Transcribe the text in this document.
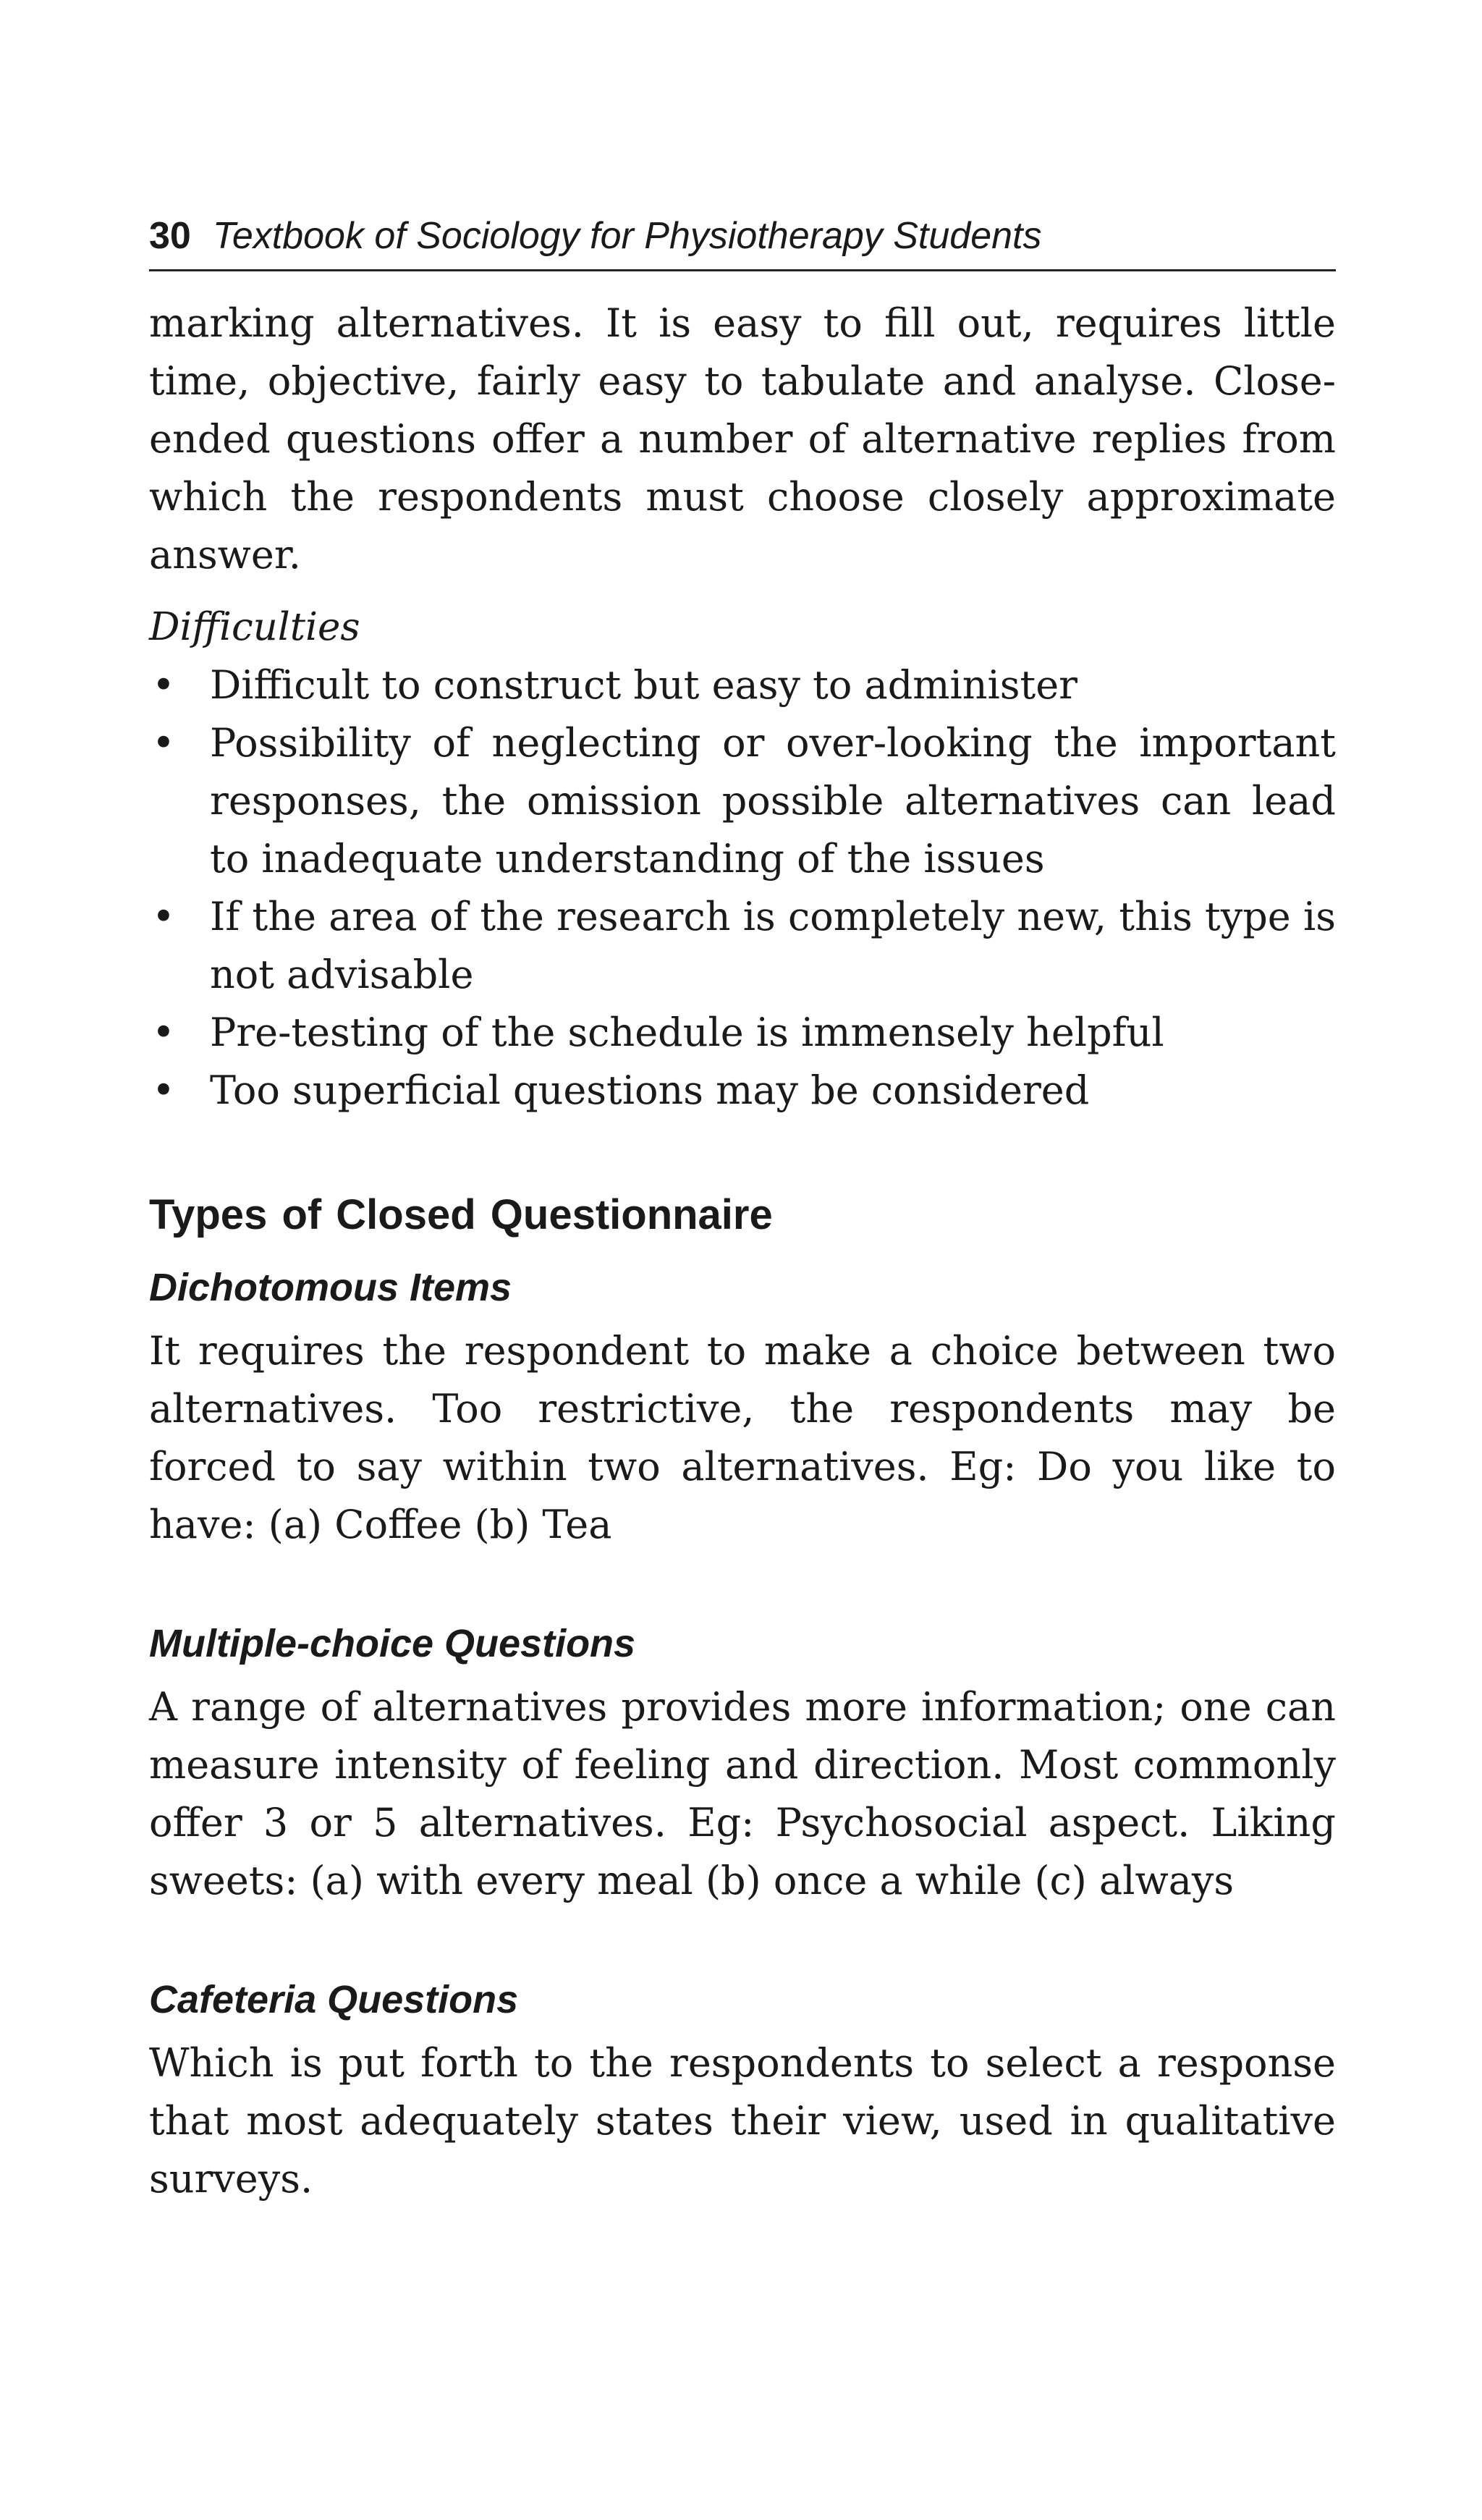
30 Textbook of Sociology for Physiotherapy Students

marking alternatives. It is easy to fill out, requires little time, objective, fairly easy to tabulate and analyse. Close-ended questions offer a number of alternative replies from which the respondents must choose closely approximate answer.

Difficulties

• Difficult to construct but easy to administer
• Possibility of neglecting or over-looking the important responses, the omission possible alternatives can lead to inadequate understanding of the issues
• If the area of the research is completely new, this type is not advisable
• Pre-testing of the schedule is immensely helpful
• Too superficial questions may be considered
Types of Closed Questionnaire
Dichotomous Items

It requires the respondent to make a choice between two alternatives. Too restrictive, the respondents may be forced to say within two alternatives. Eg: Do you like to have: (a) Coffee (b) Tea

Multiple-choice Questions

A range of alternatives provides more information; one can measure intensity of feeling and direction. Most commonly offer 3 or 5 alternatives. Eg: Psychosocial aspect. Liking sweets: (a) with every meal (b) once a while (c) always

Cafeteria Questions

Which is put forth to the respondents to select a response that most adequately states their view, used in qualitative surveys.
